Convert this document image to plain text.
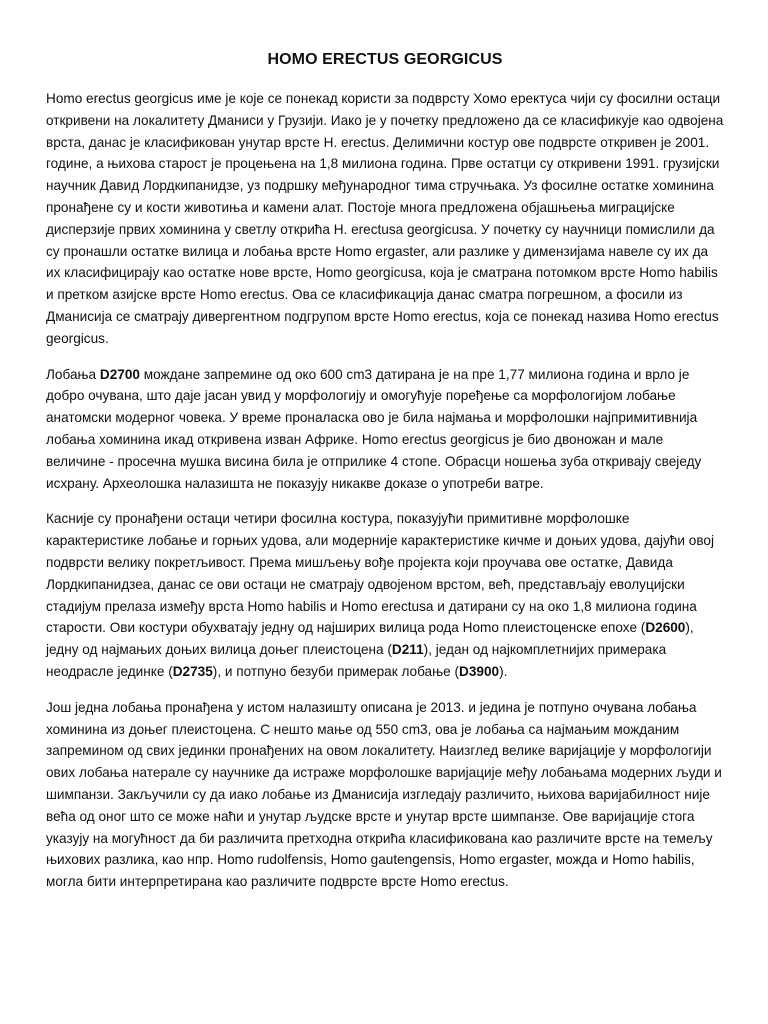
HOMO ERECTUS GEORGICUS

Homo erectus georgicus име је које се понекад користи за подврсту Хомо еректуса чији су фосилни остаци откривени на локалитету Дманиси у Грузији. Иако је у почетку предложено да се класификује као одвојена врста, данас је класификован унутар врсте H. erectus. Делимични костур ове подврсте откривен је 2001. године, а њихова старост је процењена на 1,8 милиона година. Прве остатци су откривени 1991. грузијски научник Давид Лордкипанидзе, уз подршку међународног тима стручњака. Уз фосилне остатке хоминина пронађене су и кости животиња и камени алат. Постоје многа предложена објашњења миграцијске дисперзије првих хоминина у светлу открића H. erectusa georgicusa. У почетку су научници помислили да су пронашли остатке вилица и лобања врсте Homo ergaster, али разлике у димензијама навеле су их да их класифицирају као остатке нове врсте, Homo georgicusa, која је сматрана потомком врсте Homo habilis и претком азијске врсте Homo erectus. Ова се класификација данас сматра погрешном, а фосили из Дманисија се сматрају дивергентном подгрупом врсте Homo erectus, која се понекад назива Homo erectus georgicus.

Лобања D2700 мождане запремине од око 600 cm3 датирана је на пре 1,77 милиона година и врло је добро очувана, што даје јасан увид у морфологију и омогућује поређење са морфологијом лобање анатомски модерног човека. У време проналаска ово је била најмања и морфолошки најпримитивнија лобања хоминина икад откривена изван Африке. Homo erectus georgicus је био двоножан и мале величине - просечна мушка висина била је отприлике 4 стопе. Обрасци ношења зуба откривају свеједу исхрану. Археолошка налазишта не показују никакве доказе о употреби ватре.

Касније су пронађени остаци четири фосилна костура, показујући примитивне морфолошке карактеристике лобање и горњих удова, али модерније карактеристике кичме и доњих удова, дајући овој подврсти велику покретљивост. Према мишљењу вође пројекта који проучава ове остатке, Давида Лордкипанидзеа, данас се ови остаци не сматрају одвојеном врстом, већ, представљају еволуцијски стадијум прелаза између врста Homo habilis и Homo erectusa и датирани су на око 1,8 милиона година старости. Ови костури обухватају једну од најширих вилица рода Homo плеистоценске епохе (D2600), једну од најмањих доњих вилица доњег плеистоцена (D211), један од најкомплетнијих примерака неодрасле јединке (D2735), и потпуно безуби примерак лобање (D3900).

Још једна лобања пронађена у истом налазишту описана је 2013. и једина је потпуно очувана лобања хоминина из доњег плеистоцена. С нешто мање од 550 cm3, ова је лобања са најмањим можданим запремином од свих јединки пронађених на овом локалитету. Наизглед велике варијације у морфологији ових лобања натерале су научнике да истраже морфолошке варијације међу лобањама модерних људи и шимпанзи. Закључили су да иако лобање из Дманисија изгледају различито, њихова варијабилност није већа од оног што се може наћи и унутар људске врсте и унутар врсте шимпанзе. Ове варијације стога указују на могућност да би различита претходна открића класификована као различите врсте на темељу њихових разлика, као нпр. Homo rudolfensis, Homo gautengensis, Homo ergaster, можда и Homo habilis, могла бити интерпретирана као различите подврсте врсте Homo erectus.
